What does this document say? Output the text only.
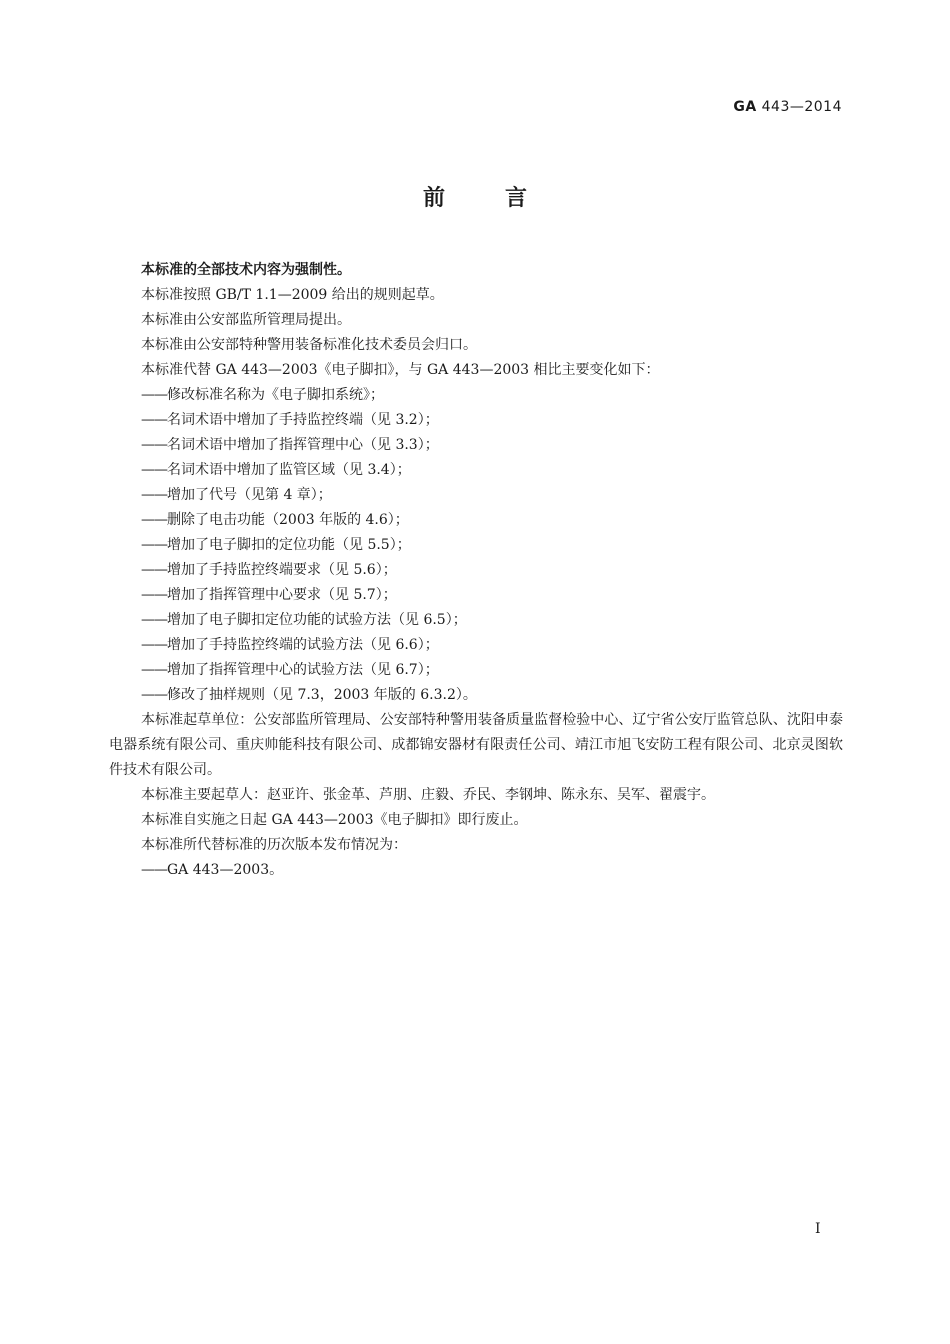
GA 443—2014
前言

本标准的全部技术内容为强制性。

本标准按照 GB/T 1.1—2009 给出的规则起草。

本标准由公安部监所管理局提出。

本标准由公安部特种警用装备标准化技术委员会归口。

本标准代替 GA 443—2003《电子脚扣》，与 GA 443—2003 相比主要变化如下：

——修改标准名称为《电子脚扣系统》；

——名词术语中增加了手持监控终端（见 3.2）；

——名词术语中增加了指挥管理中心（见 3.3）；

——名词术语中增加了监管区域（见 3.4）；

——增加了代号（见第 4 章）；

——删除了电击功能（2003 年版的 4.6）；

——增加了电子脚扣的定位功能（见 5.5）；

——增加了手持监控终端要求（见 5.6）；

——增加了指挥管理中心要求（见 5.7）；

——增加了电子脚扣定位功能的试验方法（见 6.5）；

——增加了手持监控终端的试验方法（见 6.6）；

——增加了指挥管理中心的试验方法（见 6.7）；

——修改了抽样规则（见 7.3，2003 年版的 6.3.2）。

本标准起草单位：公安部监所管理局、公安部特种警用装备质量监督检验中心、辽宁省公安厅监管总队、沈阳申泰电器系统有限公司、重庆帅能科技有限公司、成都锦安器材有限责任公司、靖江市旭飞安防工程有限公司、北京灵图软件技术有限公司。

本标准主要起草人：赵亚许、张金革、芦朋、庄毅、乔民、李钢坤、陈永东、吴军、翟震宇。

本标准自实施之日起 GA 443—2003《电子脚扣》即行废止。

本标准所代替标准的历次版本发布情况为：

——GA 443—2003。

I
